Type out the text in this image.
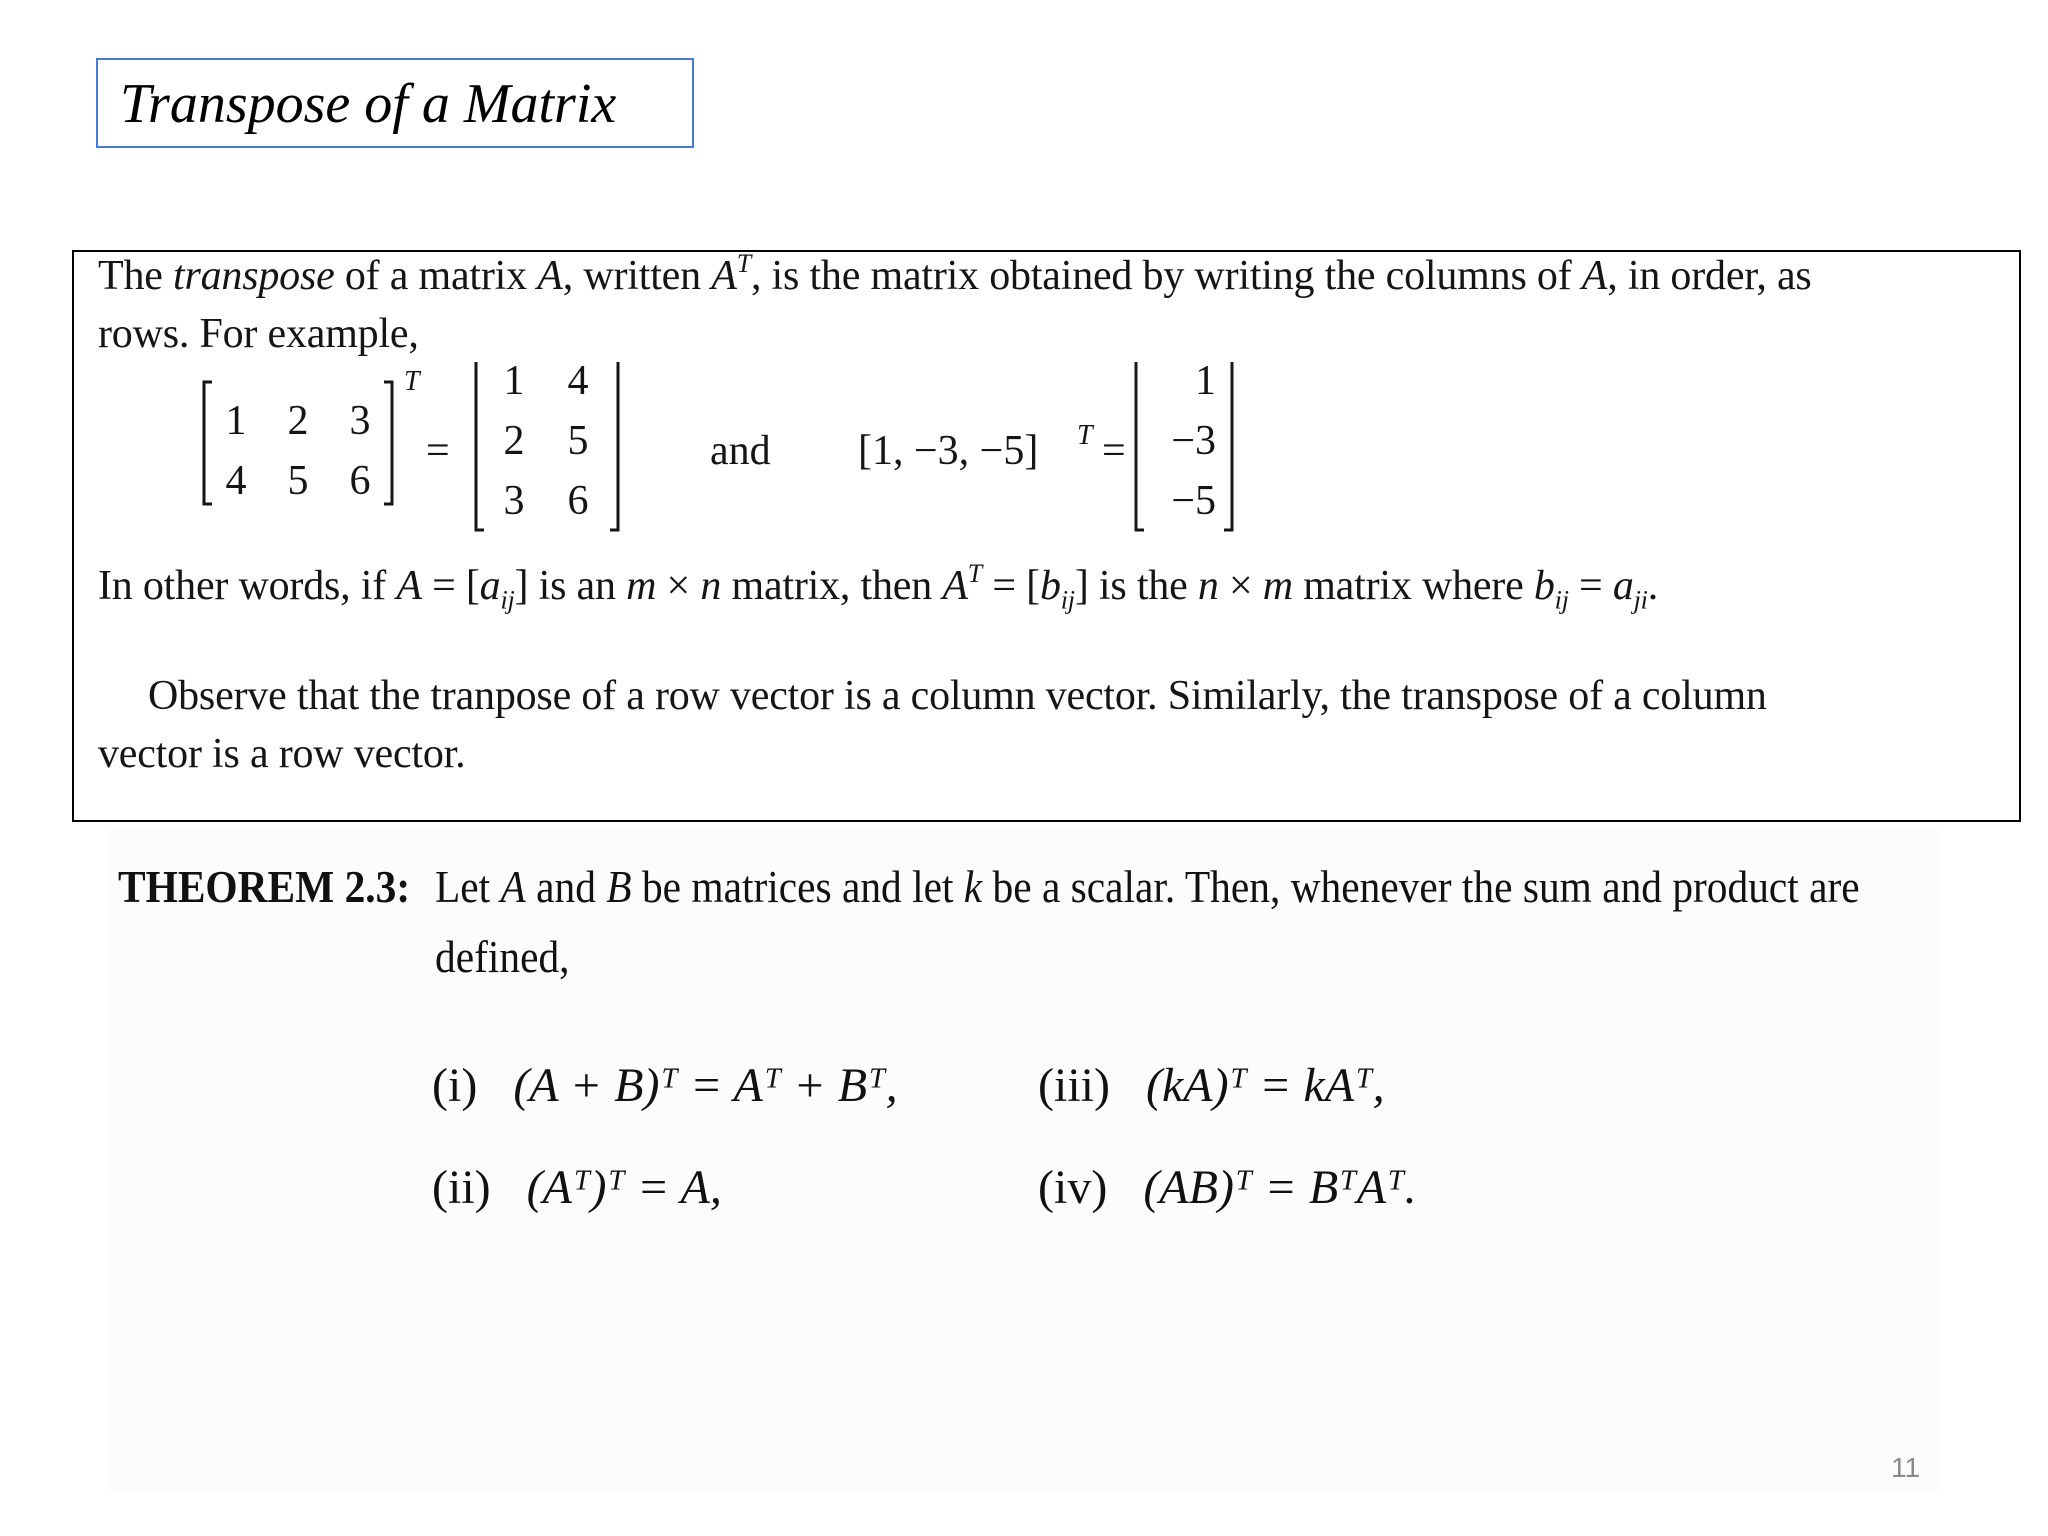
Transpose of a Matrix
The transpose of a matrix A, written $A^T$, is the matrix obtained by writing the columns of A, in order, as
rows. For example,
1 2 3
4 5 6
T
=
1 4
2 5
3 6
and [1, −3, −5] T =
1
−3
−5
In other words, if $A = [a_{ij}]$ is an m × n matrix, then $A^T = [b_{ij}]$ is the n × m matrix where $b_{ij} = a_{ji}$.
Observe that the tranpose of a row vector is a column vector. Similarly, the transpose of a column
vector is a row vector.
THEOREM 2.3: Let A and B be matrices and let k be a scalar. Then, whenever the sum and product are
defined,
(i) (A + B)ᵀ = Aᵀ + Bᵀ,
(ii) (Aᵀ)ᵀ = A,
(iii) (kA)ᵀ = kAᵀ,
(iv) (AB)ᵀ = BᵀAᵀ.
11
